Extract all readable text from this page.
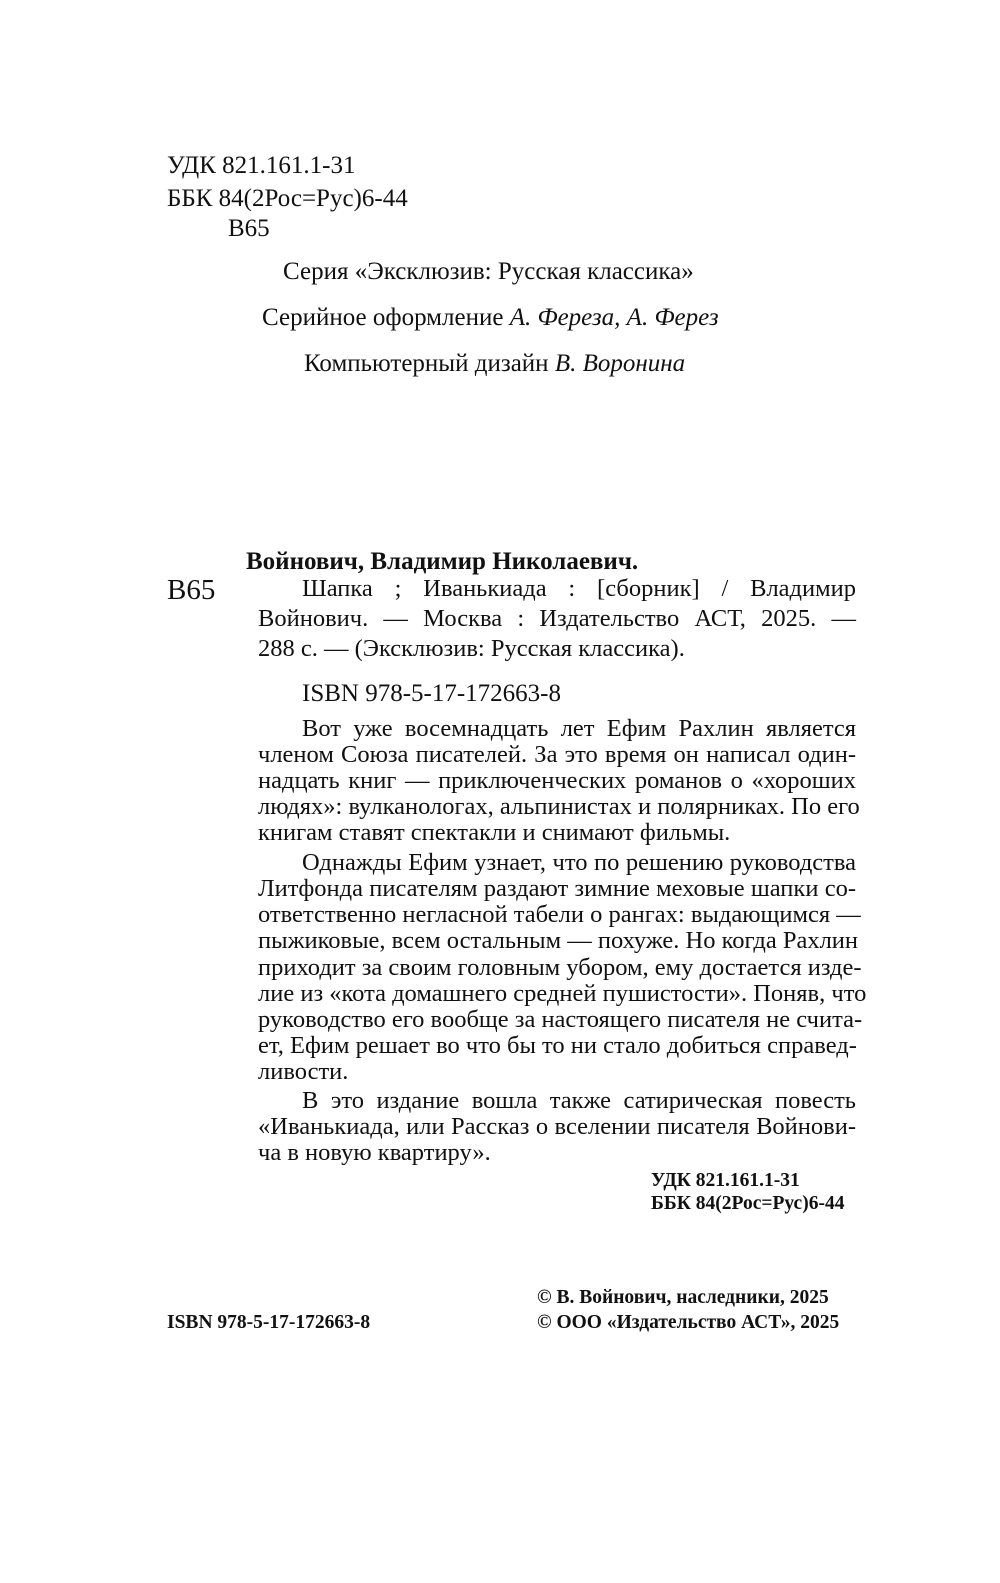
УДК 821.161.1-31
ББК 84(2Рос=Рус)6-44
В65
Серия «Эксклюзив: Русская классика»
Серийное оформление А. Фереза, А. Ферез
Компьютерный дизайн В. Воронина
Войнович, Владимир Николаевич.
В65	Шапка ; Иванькиада : [сборник] / Владимир
Войнович. — Москва : Издательство АСТ, 2025. —
288 с. — (Эксклюзив: Русская классика).
ISBN 978-5-17-172663-8
Вот уже восемнадцать лет Ефим Рахлин является
членом Союза писателей. За это время он написал один-
надцать книг — приключенческих романов о «хороших
людях»: вулканологах, альпинистах и полярниках. По его
книгам ставят спектакли и снимают фильмы.
Однажды Ефим узнает, что по решению руководства
Литфонда писателям раздают зимние меховые шапки со-
ответственно негласной табели о рангах: выдающимся —
пыжиковые, всем остальным — похуже. Но когда Рахлин
приходит за своим головным убором, ему достается изде-
лие из «кота домашнего средней пушистости». Поняв, что
руководство его вообще за настоящего писателя не счита-
ет, Ефим решает во что бы то ни стало добиться справед-
ливости.
В это издание вошла также сатирическая повесть
«Иванькиада, или Рассказ о вселении писателя Войнови-
ча в новую квартиру».
УДК 821.161.1-31
ББК 84(2Рос=Рус)6-44
© В. Войнович, наследники, 2025
ISBN 978-5-17-172663-8	© ООО «Издательство АСТ», 2025
